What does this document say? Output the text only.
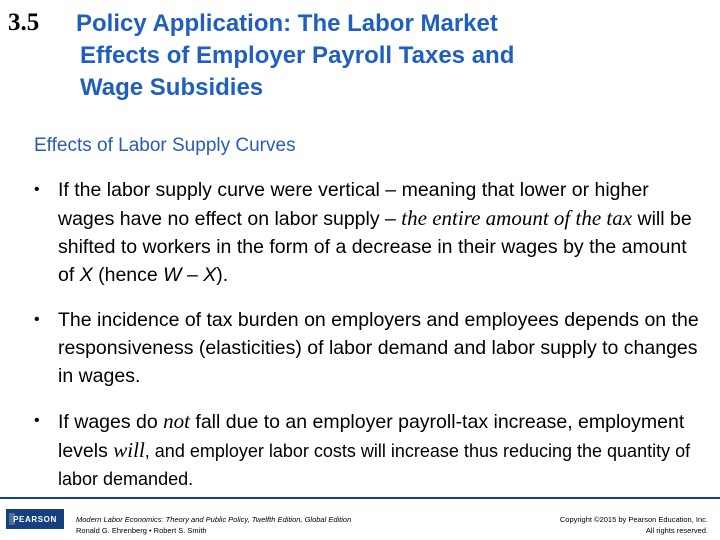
3.5 Policy Application: The Labor Market
Effects of Employer Payroll Taxes and
Wage Subsidies
Effects of Labor Supply Curves
• If the labor supply curve were vertical – meaning that lower or higher wages have no effect on labor supply – the entire amount of the tax will be shifted to workers in the form of a decrease in their wages by the amount of X (hence W – X).
• The incidence of tax burden on employers and employees depends on the responsiveness (elasticities) of labor demand and labor supply to changes in wages.
• If wages do not fall due to an employer payroll-tax increase, employment levels will, and employer labor costs will increase thus reducing the quantity of labor demanded.
PEARSON	Modern Labor Economics: Theory and Public Policy, Twelfth Edition, Global Edition
Ronald G. Ehrenberg • Robert S. Smith
Copyright ©2015 by Pearson Education, Inc.
All rights reserved.
